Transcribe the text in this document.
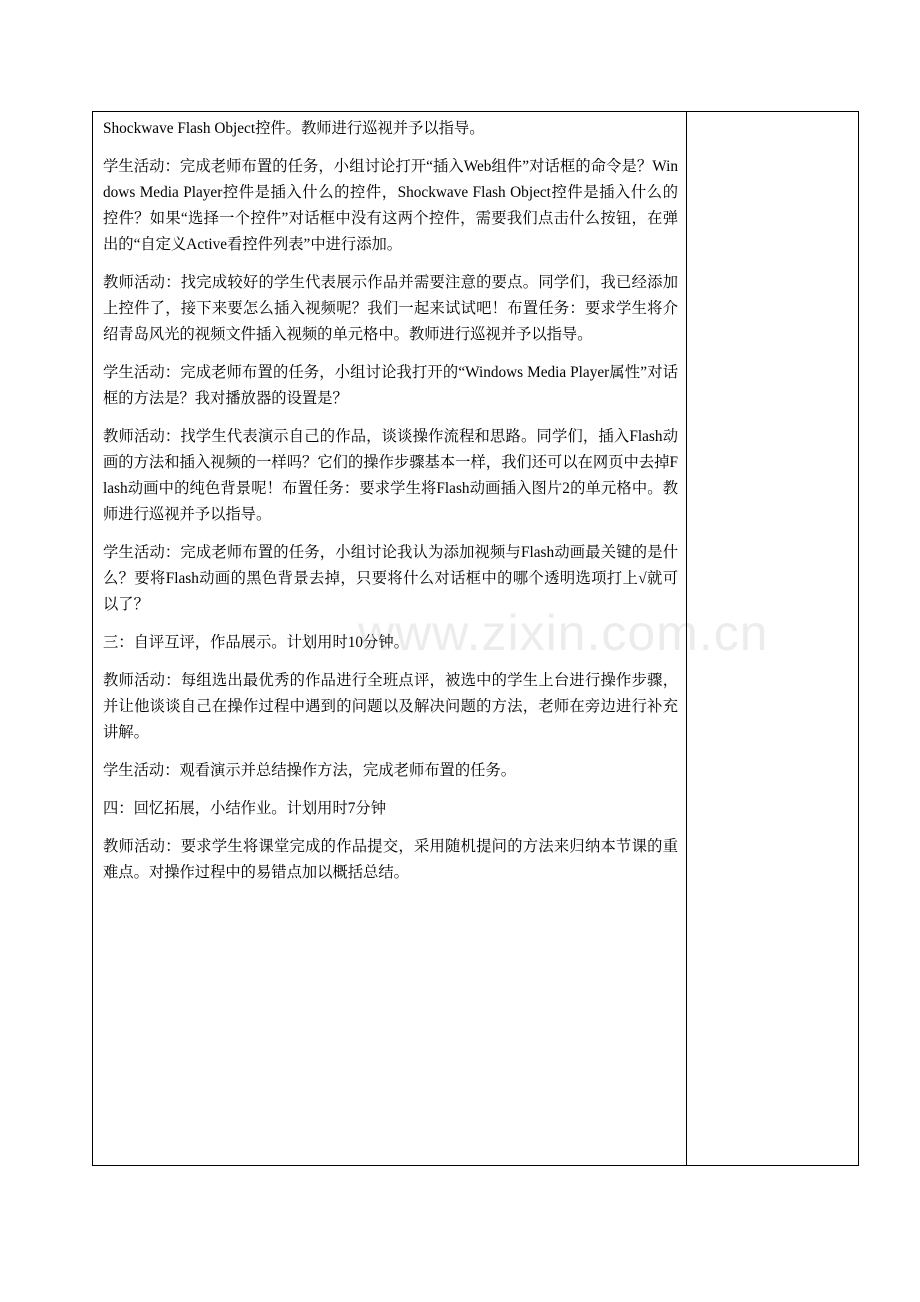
Shockwave Flash Object控件。教师进行巡视并予以指导。

学生活动：完成老师布置的任务，小组讨论打开“插入Web组件”对话框的命令是？Windows Media Player控件是插入什么的控件，Shockwave Flash Object控件是插入什么的控件？如果“选择一个控件”对话框中没有这两个控件，需要我们点击什么按钮，在弹出的“自定义Active看控件列表”中进行添加。

教师活动：找完成较好的学生代表展示作品并需要注意的要点。同学们，我已经添加上控件了，接下来要怎么插入视频呢？我们一起来试试吧！布置任务：要求学生将介绍青岛风光的视频文件插入视频的单元格中。教师进行巡视并予以指导。

学生活动：完成老师布置的任务，小组讨论我打开的“Windows Media Player属性”对话框的方法是？我对播放器的设置是？

教师活动：找学生代表演示自己的作品，谈谈操作流程和思路。同学们，插入Flash动画的方法和插入视频的一样吗？它们的操作步骤基本一样，我们还可以在网页中去掉Flash动画中的纯色背景呢！布置任务：要求学生将Flash动画插入图片2的单元格中。教师进行巡视并予以指导。

学生活动：完成老师布置的任务，小组讨论我认为添加视频与Flash动画最关键的是什么？要将Flash动画的黑色背景去掉，只要将什么对话框中的哪个透明选项打上√就可以了？

三：自评互评，作品展示。计划用时10分钟。

教师活动：每组选出最优秀的作品进行全班点评，被选中的学生上台进行操作步骤，并让他谈谈自己在操作过程中遇到的问题以及解决问题的方法，老师在旁边进行补充讲解。

学生活动：观看演示并总结操作方法，完成老师布置的任务。

四：回忆拓展，小结作业。计划用时7分钟

教师活动：要求学生将课堂完成的作品提交，采用随机提问的方法来归纳本节课的重难点。对操作过程中的易错点加以概括总结。

www.zixin.com.cn
